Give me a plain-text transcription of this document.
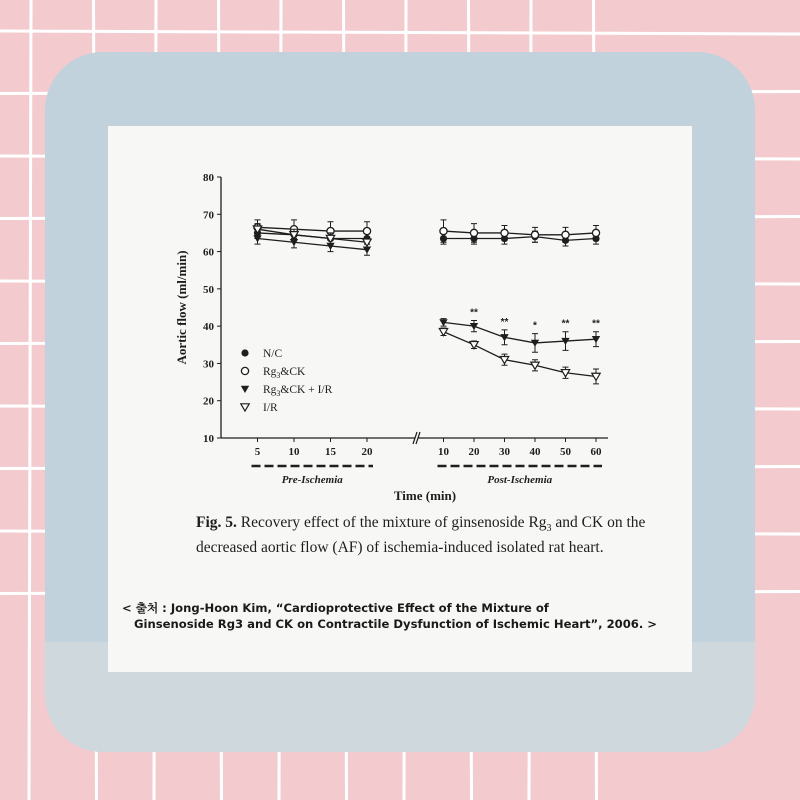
10
20
30
40
50
60
70
80
Aortic flow (ml/min)
5	10 15 20
Pre-Ischemia
10 20 30 40 50 60
Post-Ischemia
Time (min)
**
** * ** **
N/C
$Rg_3\&CK$
$Rg_3\&CK + I/R$
I/R

Fig. 5. Recovery effect of the mixture of ginsenoside $Rg_3$ and CK on the decreased aortic flow (AF) of ischemia-induced isolated rat heart.

< 출처 : Jong-Hoon Kim, “Cardioprotective Effect of the Mixture of
Ginsenoside Rg3 and CK on Contractile Dysfunction of Ischemic Heart”, 2006. >
